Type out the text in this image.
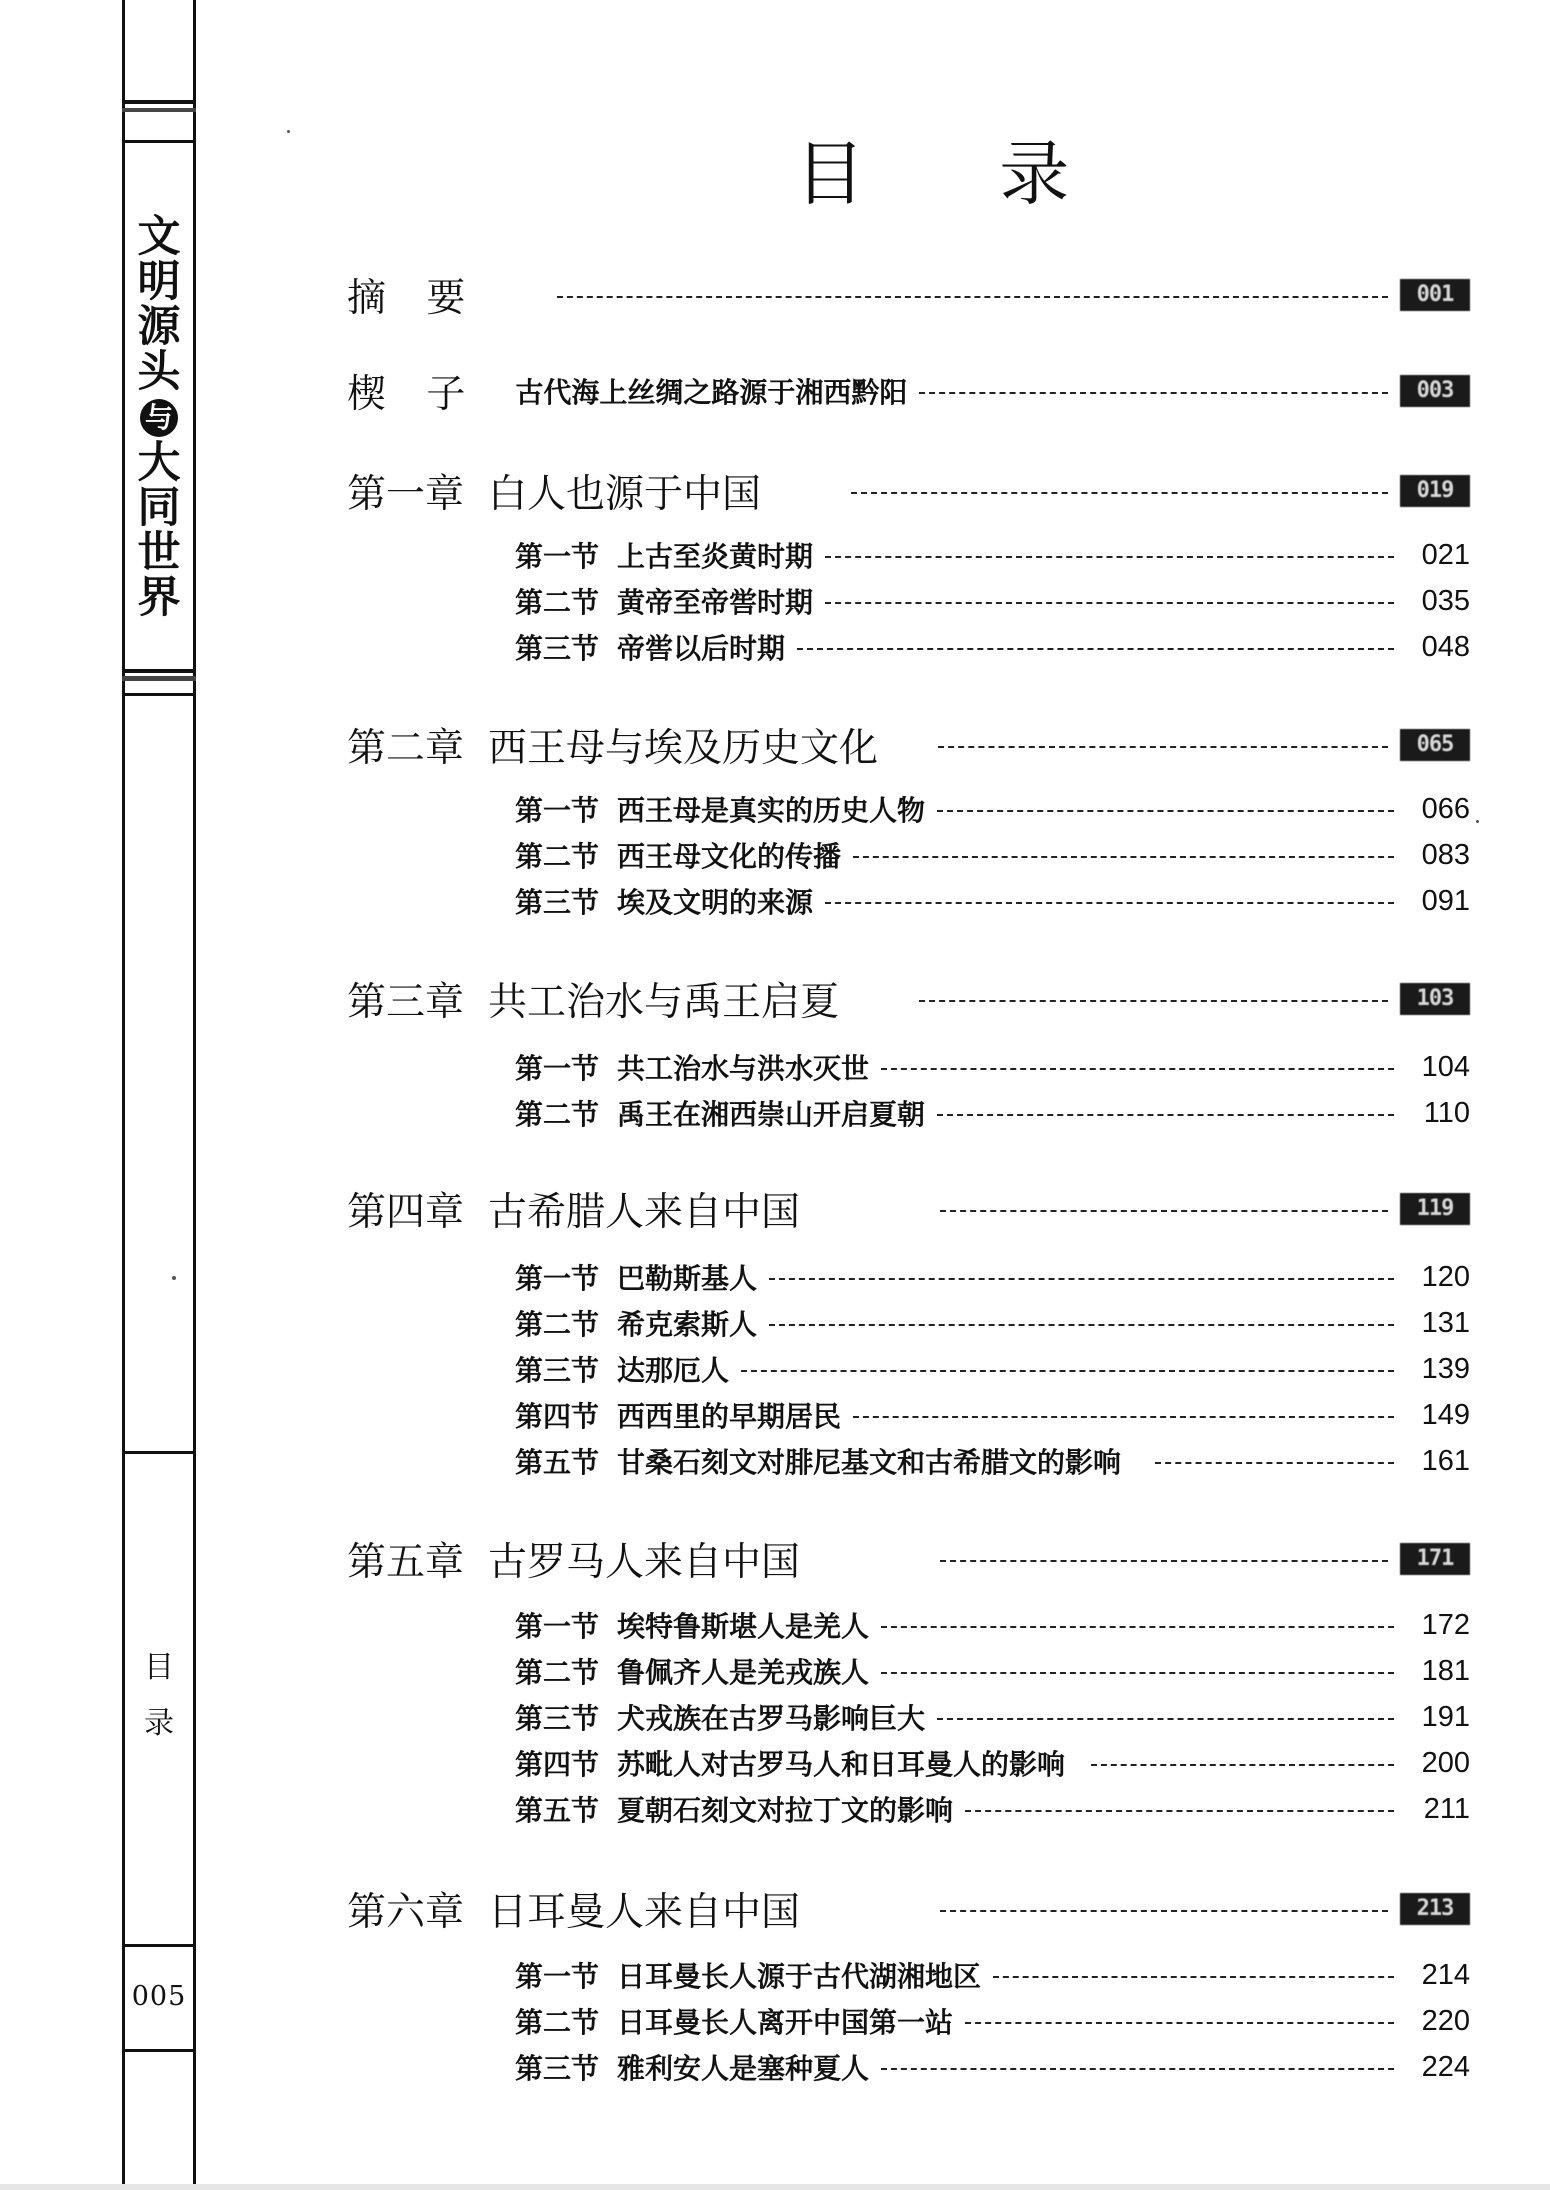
文
明
源
头
与
大
同
世
界
目
录
005
目 录
摘 要	001
楔 子 古代海上丝绸之路源于湘西黔阳	003
第一章 白人也源于中国	019
第一节 上古至炎黄时期	021
第二节 黄帝至帝喾时期	035
第三节 帝喾以后时期	048
第二章 西王母与埃及历史文化	065
第一节 西王母是真实的历史人物	066
第二节 西王母文化的传播	083
第三节 埃及文明的来源	091
第三章 共工治水与禹王启夏	103
第一节 共工治水与洪水灭世	104
第二节 禹王在湘西崇山开启夏朝	110
第四章 古希腊人来自中国	119
第一节 巴勒斯基人	120
第二节 希克索斯人	131
第三节 达那厄人	139
第四节 西西里的早期居民	149
第五节 甘桑石刻文对腓尼基文和古希腊文的影响	161
第五章 古罗马人来自中国	171
第一节 埃特鲁斯堪人是羌人	172
第二节 鲁佩齐人是羌戎族人	181
第三节 犬戎族在古罗马影响巨大	191
第四节 苏毗人对古罗马人和日耳曼人的影响	200
第五节 夏朝石刻文对拉丁文的影响	211
第六章 日耳曼人来自中国	213
第一节 日耳曼长人源于古代湖湘地区	214
第二节 日耳曼长人离开中国第一站	220
第三节 雅利安人是塞种夏人	224
